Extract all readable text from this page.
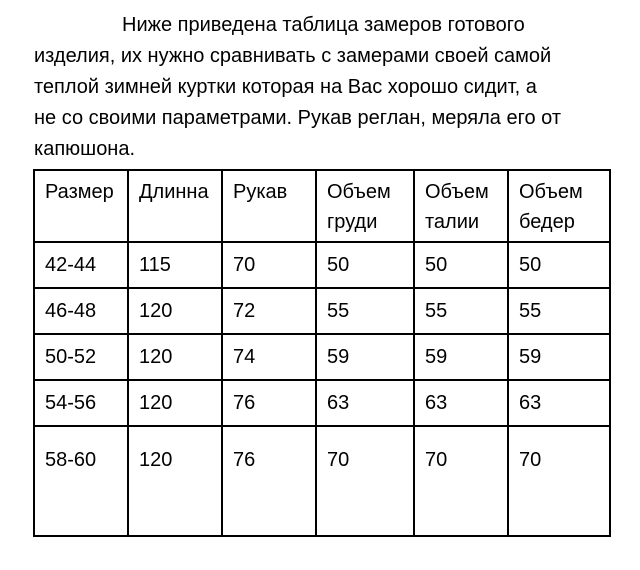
Ниже приведена таблица замеров готового
изделия, их нужно сравнивать с замерами своей самой
теплой зимней куртки которая на Вас хорошо сидит, а
не со своими параметрами. Рукав реглан, меряла его от
капюшона.

Размер	Длинна	Рукав	Объем груди	Объем талии	Объем бедер
42-44	115	70	50	50	50
46-48	120	72	55	55	55
50-52	120	74	59	59	59
54-56	120	76	63	63	63
58-60	120	76	70	70	70
